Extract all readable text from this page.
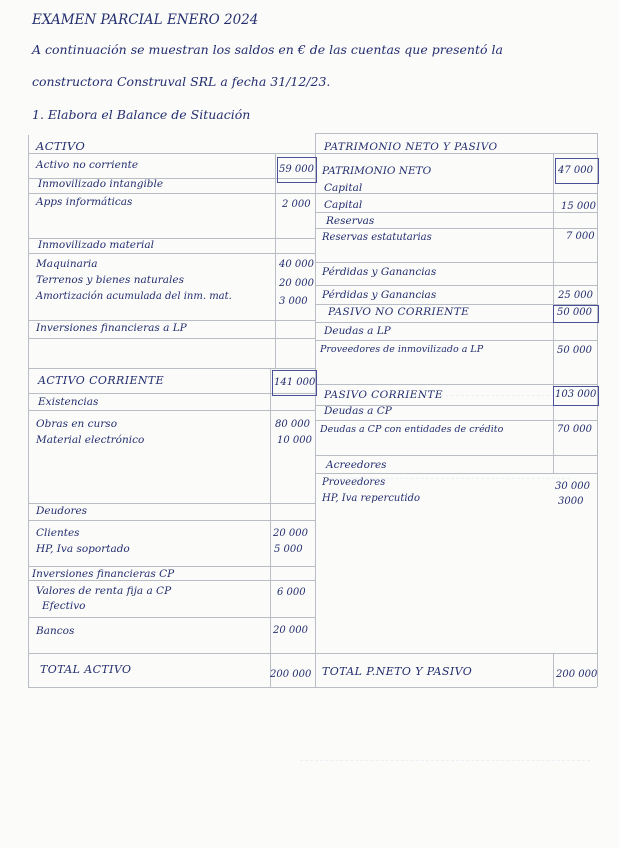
EXAMEN PARCIAL ENERO 2024
A continuación se muestran los saldos en € de las cuentas que presentó la
constructora Construval SRL a fecha 31/12/23.
1. Elabora el Balance de Situación
ACTIVO
Activo no corriente	59 000
Inmovilizado intangible
Apps informáticas	2 000
Inmovilizado material
Maquinaria	40 000
Terrenos y bienes naturales	20 000
Amortización acumulada del inm. mat.	3 000
Inversiones financieras a LP
ACTIVO CORRIENTE	141 000
Existencias
Obras en curso	80 000
Material electrónico	10 000
Deudores
Clientes	20 000
HP, Iva soportado	5 000
Inversiones financieras CP
Valores de renta fija a CP	6 000
Efectivo
Bancos	20 000
TOTAL ACTIVO	200 000
PATRIMONIO NETO Y PASIVO
PATRIMONIO NETO	47 000
Capital
Capital	15 000
Reservas
Reservas estatutarias	7 000
Pérdidas y Ganancias
Pérdidas y Ganancias	25 000
PASIVO NO CORRIENTE	50 000
Deudas a LP
Proveedores de inmovilizado a LP	50 000
PASIVO CORRIENTE	103 000
Deudas a CP
Deudas a CP con entidades de crédito	70 000
Acreedores
Proveedores	30 000
HP, Iva repercutido	3000
TOTAL P.NETO Y PASIVO	200 000
